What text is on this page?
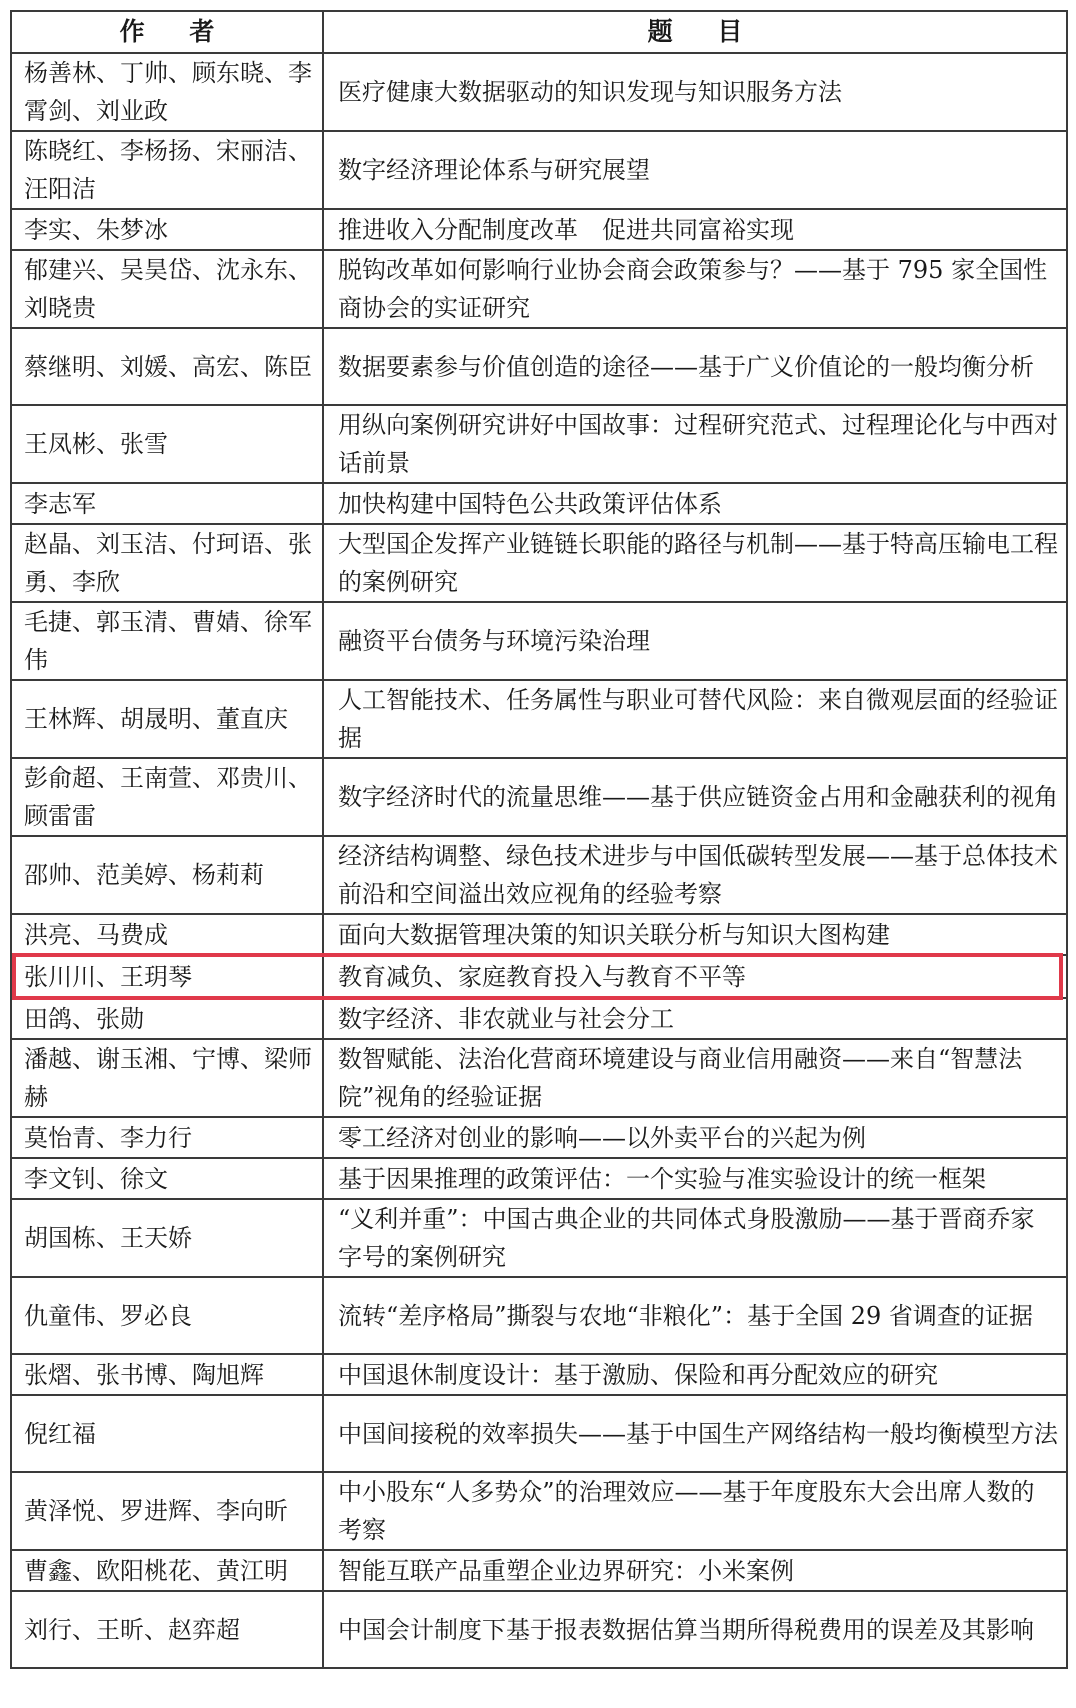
作 者	题 目
杨善林、丁帅、顾东晓、李霄剑、刘业政	医疗健康大数据驱动的知识发现与知识服务方法
陈晓红、李杨扬、宋丽洁、汪阳洁	数字经济理论体系与研究展望
李实、朱梦冰	推进收入分配制度改革　促进共同富裕实现
郁建兴、吴昊岱、沈永东、刘晓贵	脱钩改革如何影响行业协会商会政策参与？——基于 795 家全国性商协会的实证研究
蔡继明、刘媛、高宏、陈臣	数据要素参与价值创造的途径——基于广义价值论的一般均衡分析
王凤彬、张雪	用纵向案例研究讲好中国故事：过程研究范式、过程理论化与中西对话前景
李志军	加快构建中国特色公共政策评估体系
赵晶、刘玉洁、付珂语、张勇、李欣	大型国企发挥产业链链长职能的路径与机制——基于特高压输电工程的案例研究
毛捷、郭玉清、曹婧、徐军伟	融资平台债务与环境污染治理
王林辉、胡晟明、董直庆	人工智能技术、任务属性与职业可替代风险：来自微观层面的经验证据
彭俞超、王南萱、邓贵川、顾雷雷	数字经济时代的流量思维——基于供应链资金占用和金融获利的视角
邵帅、范美婷、杨莉莉	经济结构调整、绿色技术进步与中国低碳转型发展——基于总体技术前沿和空间溢出效应视角的经验考察
洪亮、马费成	面向大数据管理决策的知识关联分析与知识大图构建
张川川、王玥琴	教育减负、家庭教育投入与教育不平等
田鸽、张勋	数字经济、非农就业与社会分工
潘越、谢玉湘、宁博、梁师赫	数智赋能、法治化营商环境建设与商业信用融资——来自“智慧法院”视角的经验证据
莫怡青、李力行	零工经济对创业的影响——以外卖平台的兴起为例
李文钊、徐文	基于因果推理的政策评估：一个实验与准实验设计的统一框架
胡国栋、王天娇	“义利并重”：中国古典企业的共同体式身股激励——基于晋商乔家字号的案例研究
仇童伟、罗必良	流转“差序格局”撕裂与农地“非粮化”：基于全国 29 省调查的证据
张熠、张书博、陶旭辉	中国退休制度设计：基于激励、保险和再分配效应的研究
倪红福	中国间接税的效率损失——基于中国生产网络结构一般均衡模型方法
黄泽悦、罗进辉、李向昕	中小股东“人多势众”的治理效应——基于年度股东大会出席人数的考察
曹鑫、欧阳桃花、黄江明	智能互联产品重塑企业边界研究：小米案例
刘行、王昕、赵弈超	中国会计制度下基于报表数据估算当期所得税费用的误差及其影响
